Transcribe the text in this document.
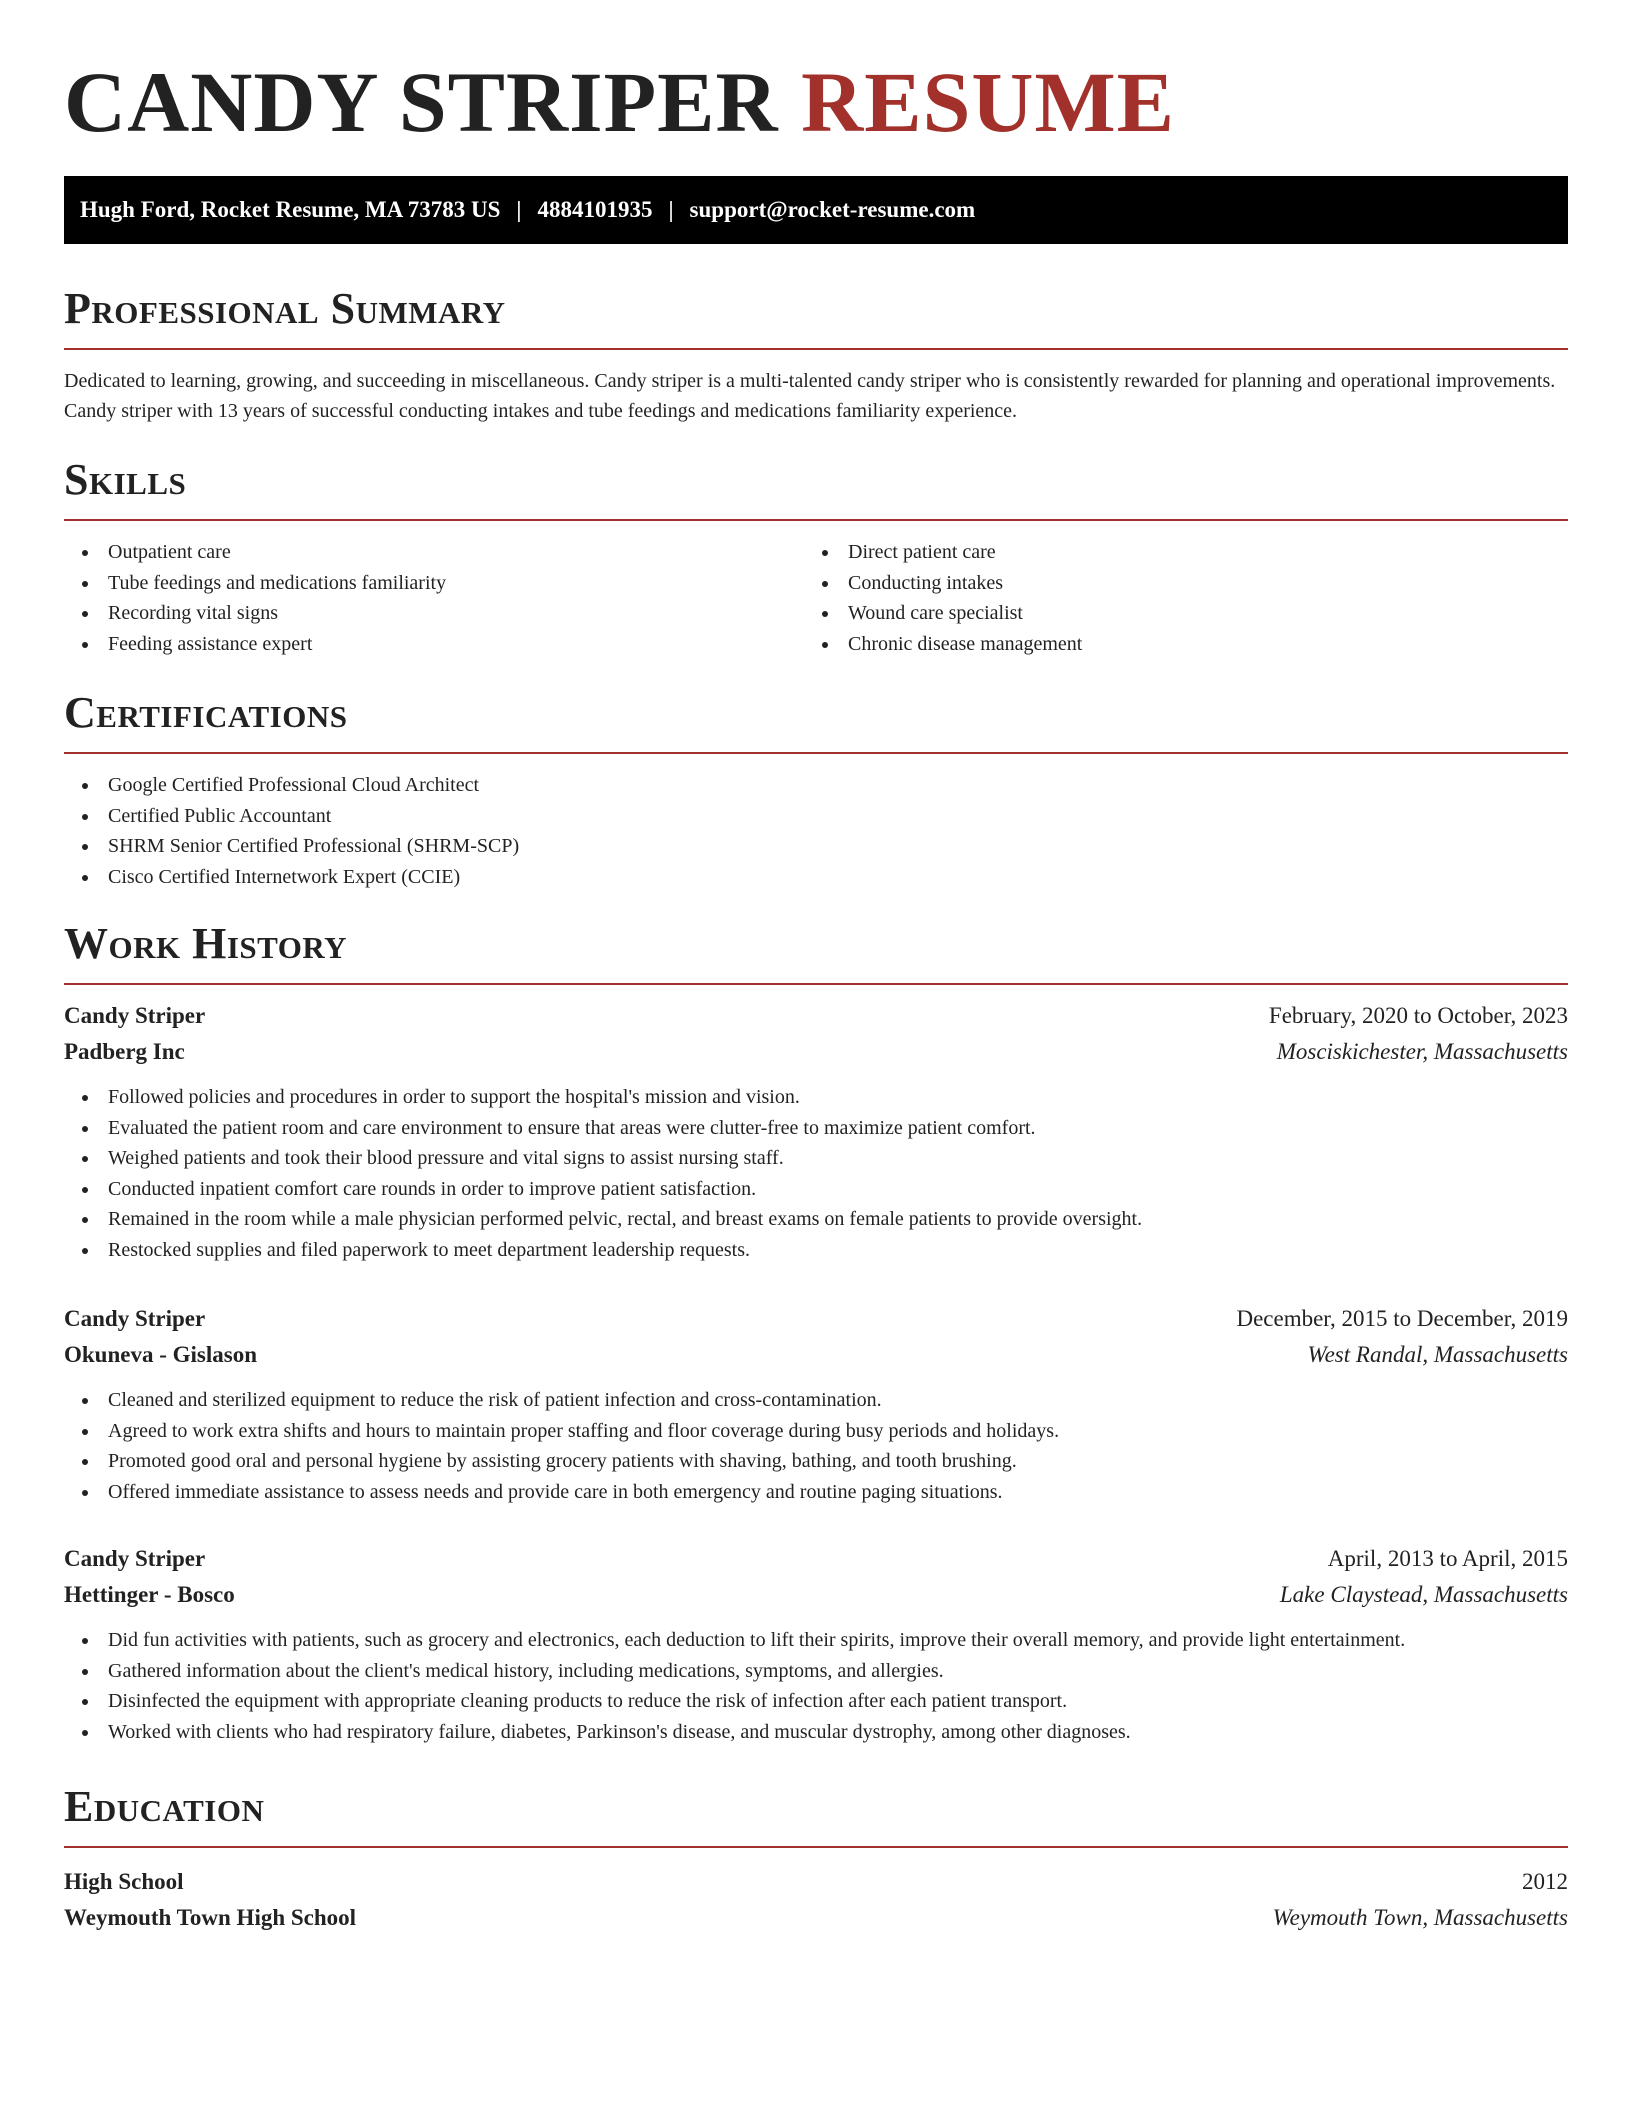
CANDY STRIPER RESUME
Hugh Ford, Rocket Resume, MA 73783 US | 4884101935 | support@rocket-resume.com
Professional Summary

Dedicated to learning, growing, and succeeding in miscellaneous. Candy striper is a multi-talented candy striper who is consistently rewarded for planning and operational improvements. Candy striper with 13 years of successful conducting intakes and tube feedings and medications familiarity experience.

Skills
Outpatient care
Tube feedings and medications familiarity
Recording vital signs
Feeding assistance expert
Direct patient care
Conducting intakes
Wound care specialist
Chronic disease management
Certifications
Google Certified Professional Cloud Architect
Certified Public Accountant
SHRM Senior Certified Professional (SHRM-SCP)
Cisco Certified Internetwork Expert (CCIE)
Work History
Candy Striper	February, 2020 to October, 2023
Padberg Inc	Mosciskichester, Massachusetts
Followed policies and procedures in order to support the hospital's mission and vision.
Evaluated the patient room and care environment to ensure that areas were clutter-free to maximize patient comfort.
Weighed patients and took their blood pressure and vital signs to assist nursing staff.
Conducted inpatient comfort care rounds in order to improve patient satisfaction.
Remained in the room while a male physician performed pelvic, rectal, and breast exams on female patients to provide oversight.
Restocked supplies and filed paperwork to meet department leadership requests.
Candy Striper	December, 2015 to December, 2019
Okuneva - Gislason	West Randal, Massachusetts
Cleaned and sterilized equipment to reduce the risk of patient infection and cross-contamination.
Agreed to work extra shifts and hours to maintain proper staffing and floor coverage during busy periods and holidays.
Promoted good oral and personal hygiene by assisting grocery patients with shaving, bathing, and tooth brushing.
Offered immediate assistance to assess needs and provide care in both emergency and routine paging situations.
Candy Striper	April, 2013 to April, 2015
Hettinger - Bosco	Lake Claystead, Massachusetts
Did fun activities with patients, such as grocery and electronics, each deduction to lift their spirits, improve their overall memory, and provide light entertainment.
Gathered information about the client's medical history, including medications, symptoms, and allergies.
Disinfected the equipment with appropriate cleaning products to reduce the risk of infection after each patient transport.
Worked with clients who had respiratory failure, diabetes, Parkinson's disease, and muscular dystrophy, among other diagnoses.
Education
High School	2012
Weymouth Town High School	Weymouth Town, Massachusetts
